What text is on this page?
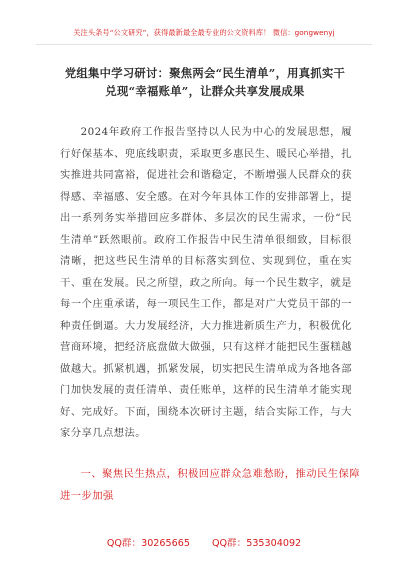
关注头条号“公文研究”，获得最新最全最专业的公文资料库！ 微信：gongwenyj
党组集中学习研讨：聚焦两会“民生清单”，用真抓实干兑现“幸福账单”，让群众共享发展成果

2024年政府工作报告坚持以人民为中心的发展思想，履行好保基本、兜底线职责，采取更多惠民生、暖民心举措，扎实推进共同富裕，促进社会和谐稳定，不断增强人民群众的获得感、幸福感、安全感。在对今年具体工作的安排部署上，提出一系列务实举措回应多群体、多层次的民生需求，一份“民生清单”跃然眼前。政府工作报告中民生清单很细致，目标很清晰，把这些民生清单的目标落实到位、实现到位，重在实干、重在发展。民之所望，政之所向。每一个民生数字，就是每一个庄重承诺，每一项民生工作，都是对广大党员干部的一种责任倒逼。大力发展经济，大力推进新质生产力，积极优化营商环境，把经济底盘做大做强，只有这样才能把民生蛋糕越做越大。抓紧机遇，抓紧发展，切实把民生清单成为各地各部门加快发展的责任清单、责任账单，这样的民生清单才能实现好、完成好。下面，围绕本次研讨主题，结合实际工作，与大家分享几点想法。

一、聚焦民生热点，积极回应群众急难愁盼，推动民生保障进一步加强

QQ群：30265665 QQ群：535304092
